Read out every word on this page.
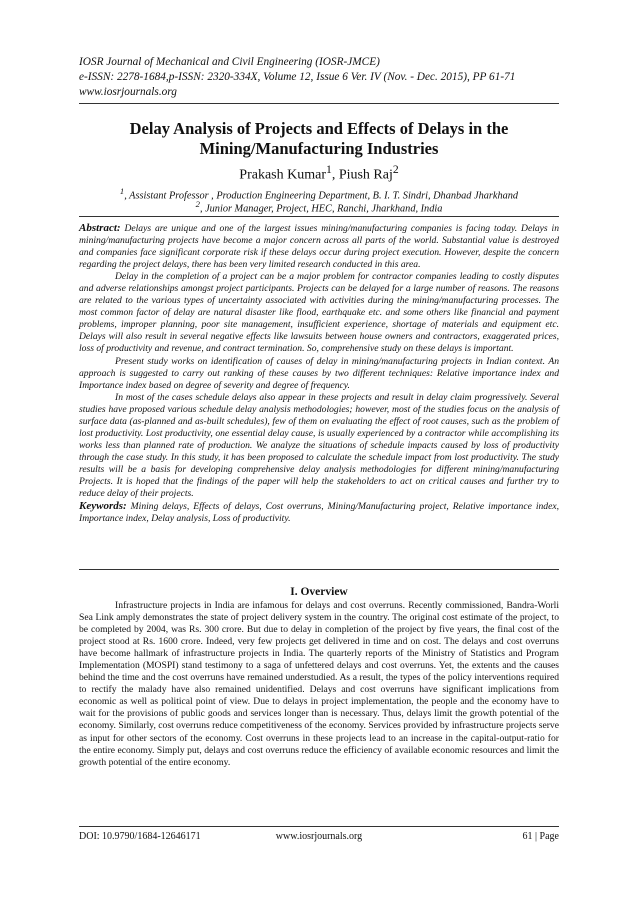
IOSR Journal of Mechanical and Civil Engineering (IOSR-JMCE)
e-ISSN: 2278-1684,p-ISSN: 2320-334X, Volume 12, Issue 6 Ver. IV (Nov. - Dec. 2015), PP 61-71
www.iosrjournals.org
Delay Analysis of Projects and Effects of Delays in the
Mining/Manufacturing Industries
Prakash Kumar$^1$, Piush Raj$^2$
$^1$, Assistant Professor , Production Engineering Department, B. I. T. Sindri, Dhanbad Jharkhand
$^2$, Junior Manager, Project, HEC, Ranchi, Jharkhand, India

Abstract: Delays are unique and one of the largest issues mining/manufacturing companies is facing today. Delays in mining/manufacturing projects have become a major concern across all parts of the world. Substantial value is destroyed and companies face significant corporate risk if these delays occur during project execution. However, despite the concern regarding the project delays, there has been very limited research conducted in this area.

Delay in the completion of a project can be a major problem for contractor companies leading to costly disputes and adverse relationships amongst project participants. Projects can be delayed for a large number of reasons. The reasons are related to the various types of uncertainty associated with activities during the mining/manufacturing processes. The most common factor of delay are natural disaster like flood, earthquake etc. and some others like financial and payment problems, improper planning, poor site management, insufficient experience, shortage of materials and equipment etc. Delays will also result in several negative effects like lawsuits between house owners and contractors, exaggerated prices, loss of productivity and revenue, and contract termination. So, comprehensive study on these delays is important.

Present study works on identification of causes of delay in mining/manufacturing projects in Indian context. An approach is suggested to carry out ranking of these causes by two different techniques: Relative importance index and Importance index based on degree of severity and degree of frequency.

In most of the cases schedule delays also appear in these projects and result in delay claim progressively. Several studies have proposed various schedule delay analysis methodologies; however, most of the studies focus on the analysis of surface data (as-planned and as-built schedules), few of them on evaluating the effect of root causes, such as the problem of lost productivity. Lost productivity, one essential delay cause, is usually experienced by a contractor while accomplishing its works less than planned rate of production. We analyze the situations of schedule impacts caused by loss of productivity through the case study. In this study, it has been proposed to calculate the schedule impact from lost productivity. The study results will be a basis for developing comprehensive delay analysis methodologies for different mining/manufacturing Projects. It is hoped that the findings of the paper will help the stakeholders to act on critical causes and further try to reduce delay of their projects.

Keywords: Mining delays, Effects of delays, Cost overruns, Mining/Manufacturing project, Relative importance index, Importance index, Delay analysis, Loss of productivity.

I. Overview

Infrastructure projects in India are infamous for delays and cost overruns. Recently commissioned, Bandra-Worli Sea Link amply demonstrates the state of project delivery system in the country. The original cost estimate of the project, to be completed by 2004, was Rs. 300 crore. But due to delay in completion of the project by five years, the final cost of the project stood at Rs. 1600 crore. Indeed, very few projects get delivered in time and on cost. The delays and cost overruns have become hallmark of infrastructure projects in India. The quarterly reports of the Ministry of Statistics and Program Implementation (MOSPI) stand testimony to a saga of unfettered delays and cost overruns. Yet, the extents and the causes behind the time and the cost overruns have remained understudied. As a result, the types of the policy interventions required to rectify the malady have also remained unidentified. Delays and cost overruns have significant implications from economic as well as political point of view. Due to delays in project implementation, the people and the economy have to wait for the provisions of public goods and services longer than is necessary. Thus, delays limit the growth potential of the economy. Similarly, cost overruns reduce competitiveness of the economy. Services provided by infrastructure projects serve as input for other sectors of the economy. Cost overruns in these projects lead to an increase in the capital-output-ratio for the entire economy. Simply put, delays and cost overruns reduce the efficiency of available economic resources and limit the growth potential of the entire economy.

DOI: 10.9790/1684-12646171	www.iosrjournals.org	61 | Page
